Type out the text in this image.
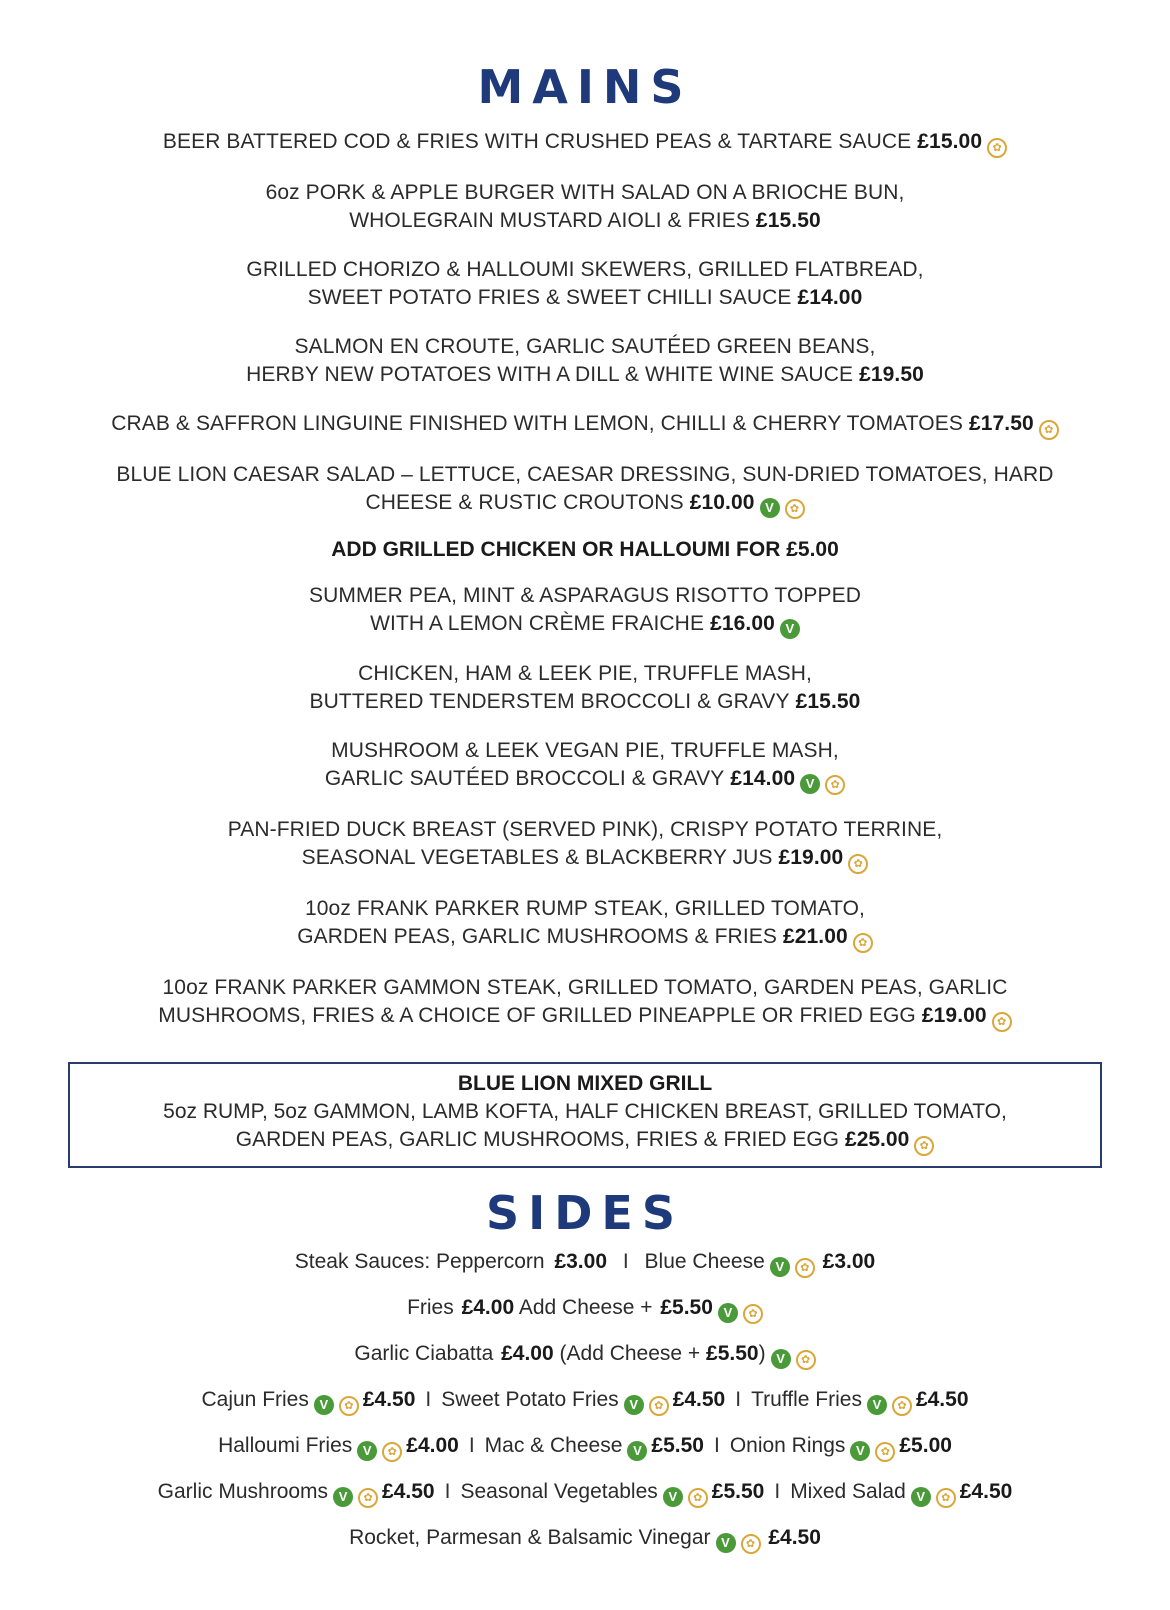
MAINS
BEER BATTERED COD & FRIES WITH CRUSHED PEAS & TARTARE SAUCE £15.00 ✿
6oz PORK & APPLE BURGER WITH SALAD ON A BRIOCHE BUN,
WHOLEGRAIN MUSTARD AIOLI & FRIES £15.50
GRILLED CHORIZO & HALLOUMI SKEWERS, GRILLED FLATBREAD,
SWEET POTATO FRIES & SWEET CHILLI SAUCE £14.00
SALMON EN CROUTE, GARLIC SAUTÉED GREEN BEANS,
HERBY NEW POTATOES WITH A DILL & WHITE WINE SAUCE £19.50
CRAB & SAFFRON LINGUINE FINISHED WITH LEMON, CHILLI & CHERRY TOMATOES £17.50 ✿
BLUE LION CAESAR SALAD – LETTUCE, CAESAR DRESSING, SUN-DRIED TOMATOES, HARD
CHEESE & RUSTIC CROUTONS £10.00 V ✿
ADD GRILLED CHICKEN OR HALLOUMI FOR £5.00
SUMMER PEA, MINT & ASPARAGUS RISOTTO TOPPED
WITH A LEMON CRÈME FRAICHE £16.00 V
CHICKEN, HAM & LEEK PIE, TRUFFLE MASH,
BUTTERED TENDERSTEM BROCCOLI & GRAVY £15.50
MUSHROOM & LEEK VEGAN PIE, TRUFFLE MASH,
GARLIC SAUTÉED BROCCOLI & GRAVY £14.00 V ✿
PAN-FRIED DUCK BREAST (SERVED PINK), CRISPY POTATO TERRINE,
SEASONAL VEGETABLES & BLACKBERRY JUS £19.00 ✿
10oz FRANK PARKER RUMP STEAK, GRILLED TOMATO,
GARDEN PEAS, GARLIC MUSHROOMS & FRIES £21.00 ✿
10oz FRANK PARKER GAMMON STEAK, GRILLED TOMATO, GARDEN PEAS, GARLIC
MUSHROOMS, FRIES & A CHOICE OF GRILLED PINEAPPLE OR FRIED EGG £19.00 ✿
BLUE LION MIXED GRILL
5oz RUMP, 5oz GAMMON, LAMB KOFTA, HALF CHICKEN BREAST, GRILLED TOMATO,
GARDEN PEAS, GARLIC MUSHROOMS, FRIES & FRIED EGG £25.00 ✿
SIDES
Steak Sauces: Peppercorn £3.00 I Blue Cheese V ✿ £3.00
Fries £4.00 Add Cheese + £5.50 V ✿
Garlic Ciabatta £4.00 (Add Cheese + £5.50) V ✿
Cajun Fries V ✿ £4.50 I Sweet Potato Fries V ✿ £4.50 I Truffle Fries V ✿ £4.50
Halloumi Fries V ✿ £4.00 I Mac & Cheese V £5.50 I Onion Rings V ✿ £5.00
Garlic Mushrooms V ✿ £4.50 I Seasonal Vegetables V ✿ £5.50 I Mixed Salad V ✿ £4.50
Rocket, Parmesan & Balsamic Vinegar V ✿ £4.50
